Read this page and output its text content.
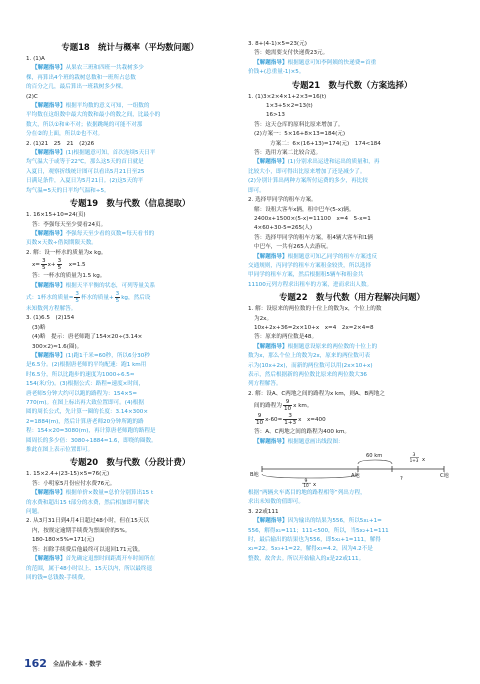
专题18　统计与概率（平均数问题）

1. (1)A

【解题指导】从果农三班和四班一共栽树多少

棵，再算出4个班的栽树总数和一班所占总数

的百分之几，最后算出一班栽树多少棵。

(2)C

【解题指导】根据平均数的意义可知，一组数的

平均数在这组数中最大的数和最小的数之间，比最小的

数大，所以①和④不对；依据跳绳的可能不对那

分在②的上面，所以②也不对。

2. (1)21　25　21　(2)26

【解题指导】(1)根据题意可知，首次连续5天日平

均气温大于或等于22℃，那么这5天的首日就是

入夏日，观察折线统计图可以看出5月21日至25

日满足条件，入夏日为5月21日。(2)这5天的平

均气温=5天的日平均气温和÷5。

专题19　数与代数（信息提取）

1. 16×15+10=24(页)

答：李强每天至少要看24页。

【解题指导】李强每天至少看的页数=每天看书的

页数×天数÷借阅期限天数。

2. 解：设一杯水的质量为x kg。

$x= \frac{3}{5} x+ \frac{3}{5}$ 　x=1.5

答：一杯水的质量为1.5 kg。

【解题指导】根据天平平衡的状态，可列等量关系

式：1杯水的质量= $\frac{3}{5}$ 杯水的质量+ $\frac{3}{5}$ kg，然后设

未知数列方程解答。

3. (1)6.5　(2)154

(3)略

(4)略　提示：唐老师跑了154×20÷(3.14×

300×2)≈1.6(圈)。

【解题指导】(1)跑1千米=60秒，所以6分30秒

是6.5分。(2)根据唐老师的平均配速：跑1 km用

时6.5分，所以比跑步的速度为1000÷6.5≈

154(米/分)。(3)根据公式：路程=速度×时间，

唐老师5分钟大约可以跑的路程为：154×5=

770(m)。在图上标出再大致位置即可。(4)根据

圆的周长公式，先计算一圈的长度：3.14×300×

2=1884(m)，然后计算唐老师20分钟所跑的路

程：154×20=3080(m)，再计算唐老师跑的路程是

圆周长的多少倍：3080÷1884≈1.6，即绕的圈数。

推此在图上表示位置即可。

专题20　数与代数（分段计费）

1. 15×2.4+(23-15)×5=76(元)

答：小明家5月份应付水费76元。

【解题指导】根据单价×数量=总价分别算出15 t

的水费和超出15 t部分的水费，然后相加即可解决

问题。

2. 从3月31日到4月4日超过48小时，但在15天以

内，按规定逾期手续费为票面价的5%。

180-180×5%=171(元)

答：扣除手续费后他最终可以退回171元钱。

【解题指导】首先确定退票时间距离开车时间所在

的范围，属于48小时以上、15天以内，所以最终退

回的钱=总钱数-手续费。

3. 8+(4-1)×5=23(元)

答：她需要支付快递费23元。

【解题指导】根据题意可知李阿姨的快递费=首重

价钱+(总重量-1)×5。

专题21　数与代数（方案选择）

1. (1)3×2×4×1+2×3=16(t)

1×3+5×2=13(t)

16>13

答：这天仓库的原料比原来增加了。

(2)方案一：5×16+8×13=184(元)

方案二：6×(16+13)=174(元)　174<184

答：选用方案二比较合适。

【解题指导】(1)分别求出运进和运出的质量和，再

比较大小，即可得出比原来增加了还是减少了。

(2)分别计算出两种方案所付运费的多少，再比较

即可。

2. 选择甲同学的租车方案。

解：设租大客车x辆，租中巴车(5-x)辆。

2400x+1500×(5-x)=11100　x=4　5-x=1

4×60+30-5=265(人)

答：选择甲同学的租车方案，租4辆大客车和1辆

中巴车，一共有265人去游玩。

【解题指导】根据题意可知乙同学的租车方案违反

交通规则，丙同学的租车方案租金较贵，所以选择

甲同学的租车方案，然后根据租5辆车和租金共

11100元列方程求出租车的方案，进而求出人数。

专题22　数与代数（用方程解决问题）

1. 解：设原来的两位数的十位上的数为x，个位上的数

为2x。

10x+2x+36=2x×10+x　x=4　2x=2×4=8

答：原来的两位数是48。

【解题指导】根据题意设原来的两位数的十位上的

数为x，那么个位上的数为2x，原来的两位数可表

示为(10x+2x)，而新的两位数可以用(2x×10+x)

表示，然后根据新的两位数比原来的两位数大36

列方程解答。

2. 解：设A、C两地之间的路程为x km，则A、B两地之

间的路程为 $\frac{9}{10}$ x km。

$\frac{9}{10} x-60= \frac{3}{1+3}$ x　x=400

答：A、C两地之间的路程为400 km。

【解题指导】根据题意画出线段图：

60 km	3
1+3 x
9
10 x
B地	A地	C地
?

根据“两辆火车离目的地的路程相等”列出方程，

求出未知数的值即可。

3. 22或111

【解题指导】因为输出的结果为556，所以5x₁+1=

556，解得x₁=111；111<500，所以，当5x₂+1=111

时，最后输出的结果也为556，即5x₂+1=111，解得

x₂=22。5x₃+1=22，解得x₃=4.2，因为4.2不是

整数，故舍去。所以开始输入的x是22或111。

162 全品作业本 · 数学
